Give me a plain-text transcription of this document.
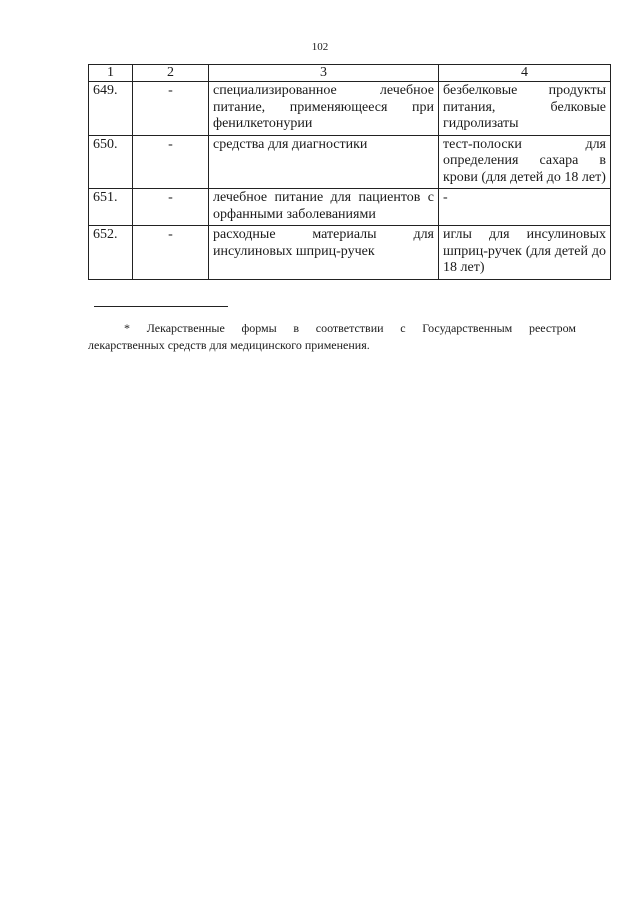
102
1	2	3	4
649.	-	специализированное лечебное питание, применяющееся при фенилкетонурии	безбелковые продукты питания, белковые гидролизаты
650.	-	средства для диагностики	тест-полоски для определения сахара в крови (для детей до 18 лет)
651.	-	лечебное питание для пациентов с орфанными заболеваниями	-
652.	-	расходные материалы для инсулиновых шприц-ручек	иглы для инсулиновых шприц-ручек (для детей до 18 лет)
* Лекарственные формы в соответствии с Государственным реестром
лекарственных средств для медицинского применения.
